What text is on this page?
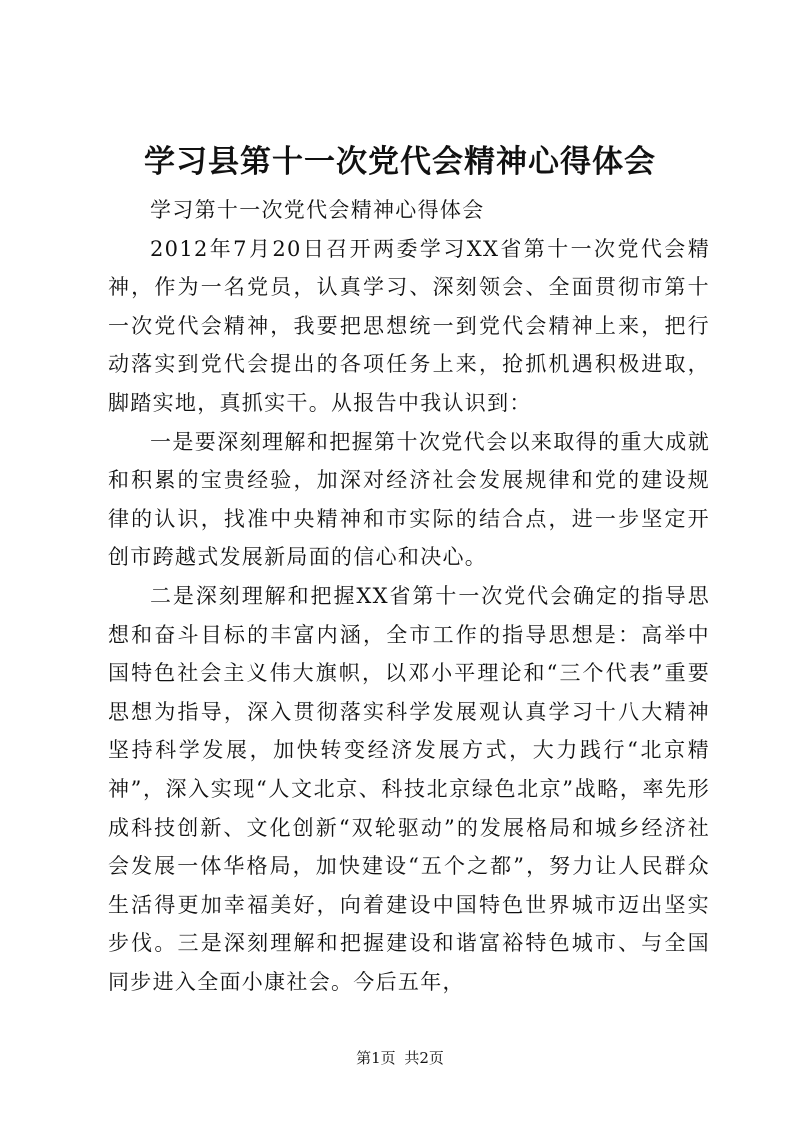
学习县第十一次党代会精神心得体会

学习第十一次党代会精神心得体会

2012年7月20日召开两委学习XX省第十一次党代会精神，作为一名党员，认真学习、深刻领会、全面贯彻市第十一次党代会精神，我要把思想统一到党代会精神上来，把行动落实到党代会提出的各项任务上来，抢抓机遇积极进取，脚踏实地，真抓实干。从报告中我认识到：

一是要深刻理解和把握第十次党代会以来取得的重大成就和积累的宝贵经验，加深对经济社会发展规律和党的建设规律的认识，找准中央精神和市实际的结合点，进一步坚定开创市跨越式发展新局面的信心和决心。

二是深刻理解和把握XX省第十一次党代会确定的指导思想和奋斗目标的丰富内涵，全市工作的指导思想是：高举中国特色社会主义伟大旗帜，以邓小平理论和“三个代表”重要思想为指导，深入贯彻落实科学发展观认真学习十八大精神坚持科学发展，加快转变经济发展方式，大力践行“北京精神”，深入实现“人文北京、科技北京绿色北京”战略，率先形成科技创新、文化创新“双轮驱动”的发展格局和城乡经济社会发展一体华格局，加快建设“五个之都”，努力让人民群众生活得更加幸福美好，向着建设中国特色世界城市迈出坚实步伐。三是深刻理解和把握建设和谐富裕特色城市、与全国同步进入全面小康社会。今后五年，

第1页 共2页
